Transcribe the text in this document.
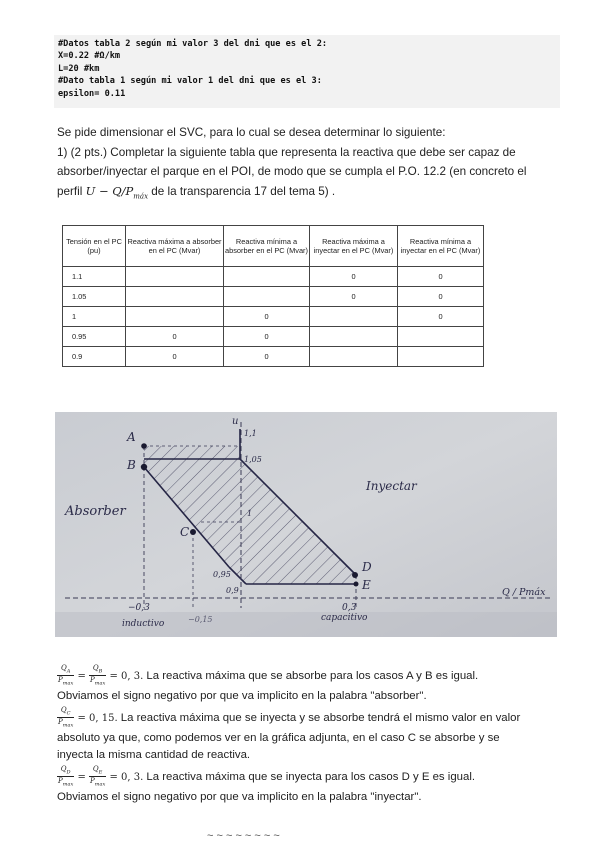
#Datos tabla 2 según mi valor 3 del dni que es el 2:
X=0.22 #Ω/km
L=20 #km
#Dato tabla 1 según mi valor 1 del dni que es el 3:
epsilon= 0.11

Se pide dimensionar el SVC, para lo cual se desea determinar lo siguiente:

1) (2 pts.) Completar la siguiente tabla que representa la reactiva que debe ser capaz de

absorber/inyectar el parque en el POI, de modo que se cumpla el P.O. 12.2 (en concreto el

perfil $U - Q/P_{máx}$ de la transparencia 17 del tema 5) .

Tensión en el PC (pu)	Reactiva máxima a absorber en el PC (Mvar)	Reactiva mínima a absorber en el PC (Mvar)	Reactiva máxima a inyectar en el PC (Mvar)	Reactiva mínima a inyectar en el PC (Mvar)
1.1			0	0
1.05			0	0
1		0		0
0.95	0	0		
0.9	0	0		
u
A
B
C
D
E
1,1
1,05
1
0,95
0,9
Absorber
Inyectar
Q / Pmáx
−0,3
inductivo	−0,15
0,3
capacitivo
$\frac{Q_A}{P_{max}} = \frac{Q_B}{P_{max}} = 0$, 3. La reactiva máxima que se absorbe para los casos A y B es igual.
Obviamos el signo negativo por que va implicito en la palabra "absorber".
$\frac{Q_C}{P_{max}} = 0$, 15. La reactiva máxima que se inyecta y se absorbe tendrá el mismo valor en valor
absoluto ya que, como podemos ver en la gráfica adjunta, en el caso C se absorbe y se
inyecta la misma cantidad de reactiva.
$\frac{Q_D}{P_{max}} = \frac{Q_E}{P_{max}} = 0$, 3. La reactiva máxima que se inyecta para los casos D y E es igual.
Obviamos el signo negativo por que va implicito en la palabra "inyectar".
~ ~ ~ ~ ~ ~ ~ ~
